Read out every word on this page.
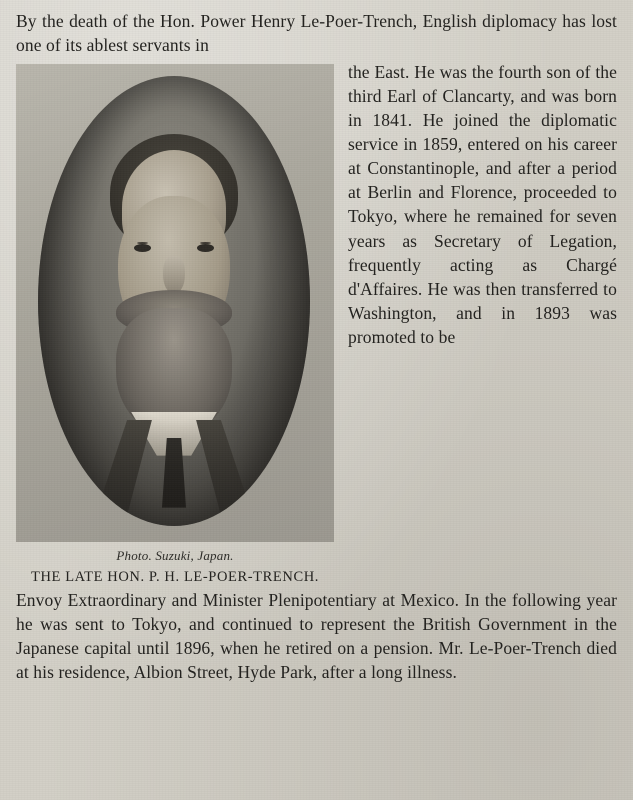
By the death of the Hon. Power Henry Le-Poer-Trench, English diplomacy has lost one of its ablest servants in

Photo. Suzuki, Japan.
THE LATE HON. P. H. LE-POER-TRENCH.

the East. He was the fourth son of the third Earl of Clancarty, and was born in 1841. He joined the diplomatic service in 1859, entered on his career at Constantinople, and after a period at Berlin and Florence, proceeded to Tokyo, where he remained for seven years as Secretary of Legation, frequently acting as Chargé d'Affaires. He was then transferred to Washington, and in 1893 was promoted to be

Envoy Extraordinary and Minister Plenipotentiary at Mexico. In the following year he was sent to Tokyo, and continued to represent the British Government in the Japanese capital until 1896, when he retired on a pension. Mr. Le-Poer-Trench died at his residence, Albion Street, Hyde Park, after a long illness.
